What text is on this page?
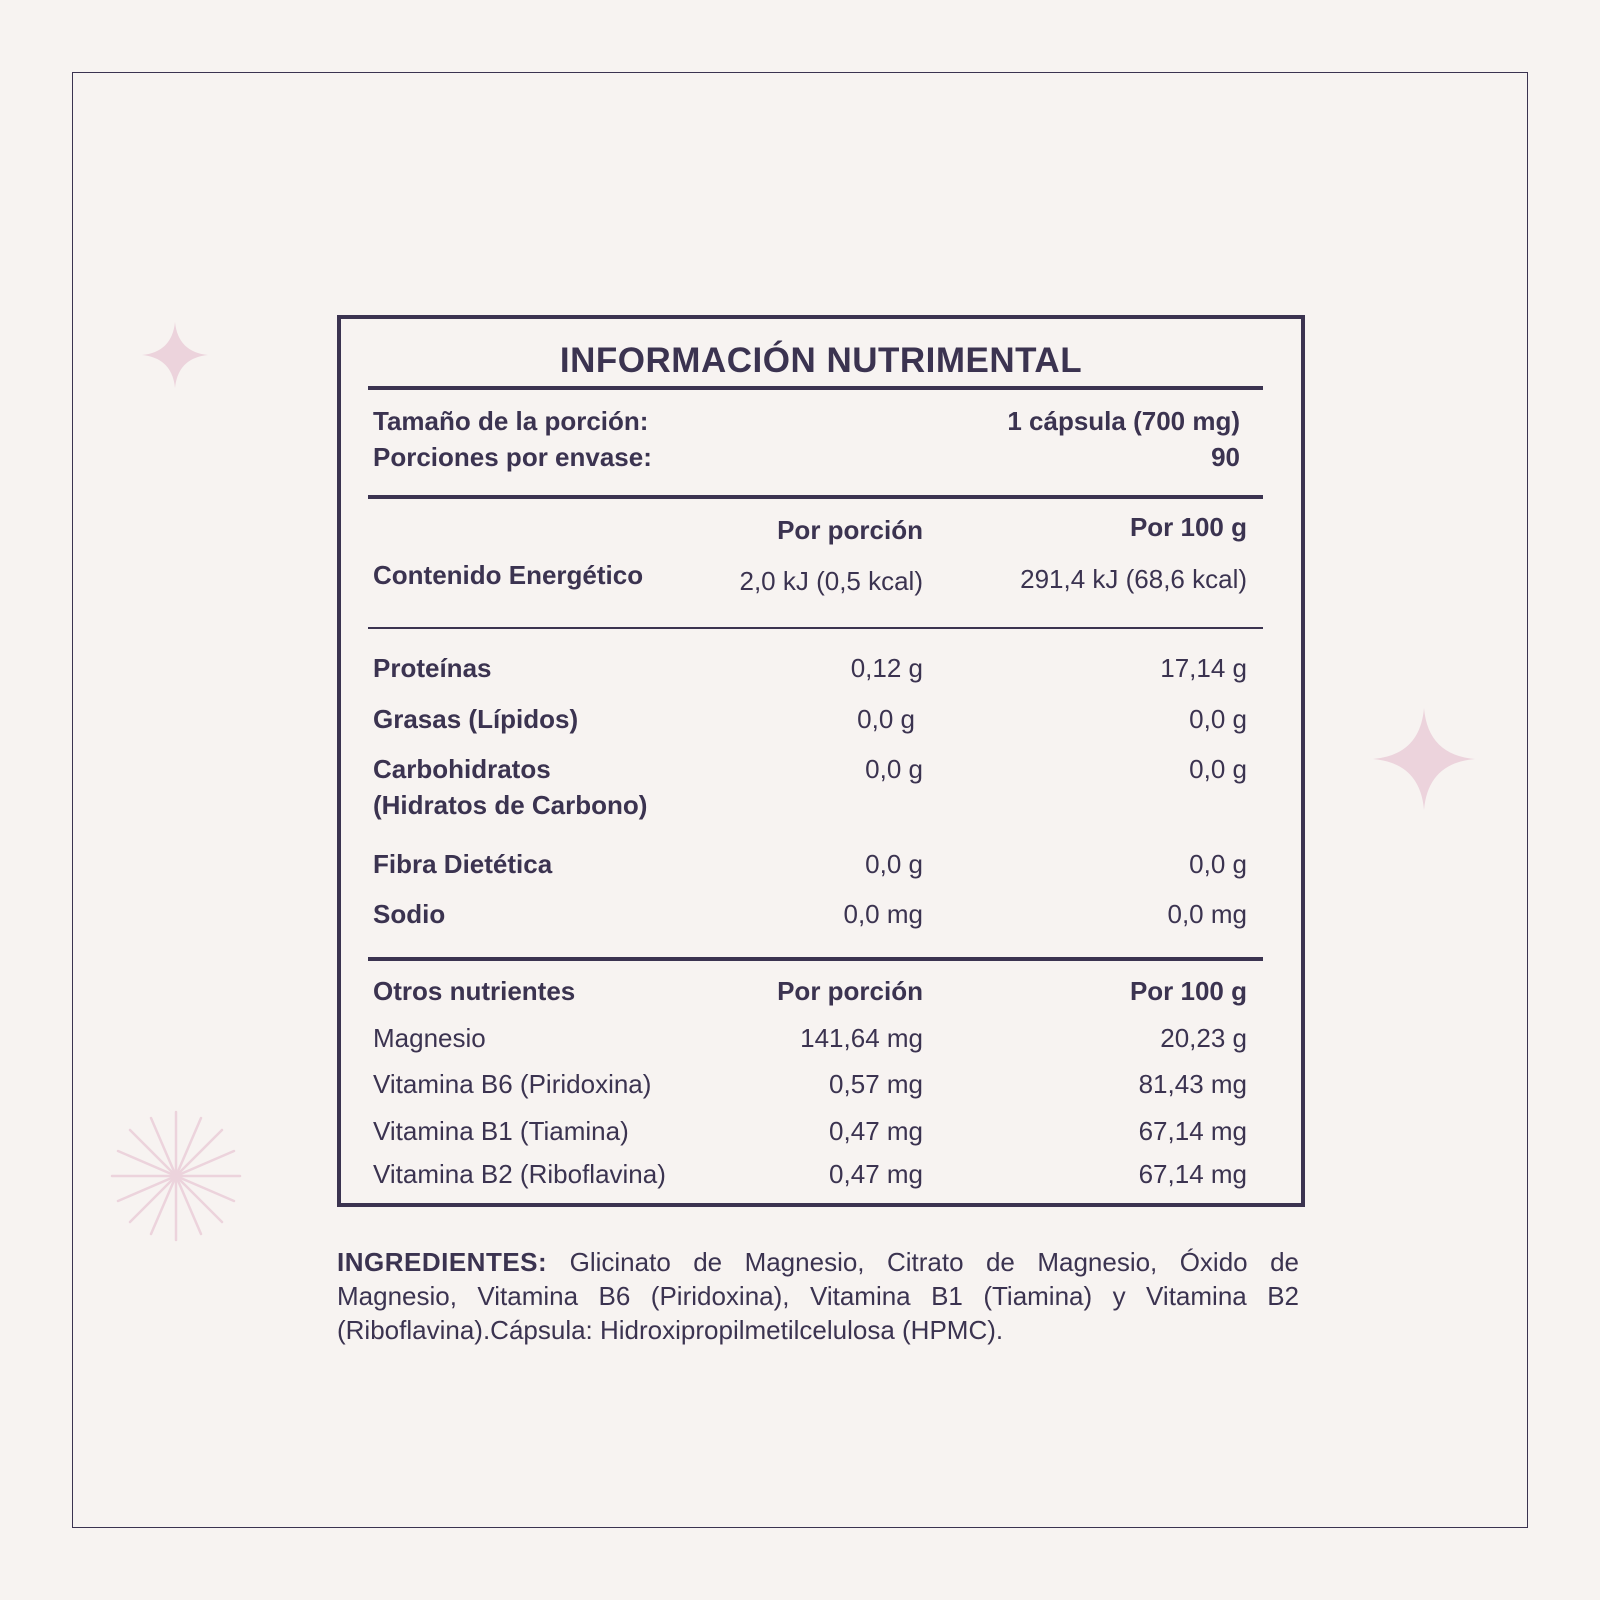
INFORMACIÓN NUTRIMENTAL
Tamaño de la porción:	1 cápsula (700 mg)
Porciones por envase:	90
Por porción	Por 100 g
Contenido Energético	2,0 kJ (0,5 kcal)	291,4 kJ (68,6 kcal)
Proteínas	0,12 g	17,14 g
Grasas (Lípidos)	0,0 g	0,0 g
Carbohidratos
(Hidratos de Carbono)
0,0 g	0,0 g
Fibra Dietética	0,0 g	0,0 g
Sodio	0,0 mg	0,0 mg
Otros nutrientes	Por porción	Por 100 g
Magnesio	141,64 mg	20,23 g
Vitamina B6 (Piridoxina)	0,57 mg	81,43 mg
Vitamina B1 (Tiamina)	0,47 mg	67,14 mg
Vitamina B2 (Riboflavina)	0,47 mg	67,14 mg
INGREDIENTES: Glicinato de Magnesio, Citrato de Magnesio, Óxido de Magnesio, Vitamina B6 (Piridoxina), Vitamina B1 (Tiamina) y Vitamina B2 (Riboflavina).Cápsula: Hidroxipropilmetilcelulosa (HPMC).
